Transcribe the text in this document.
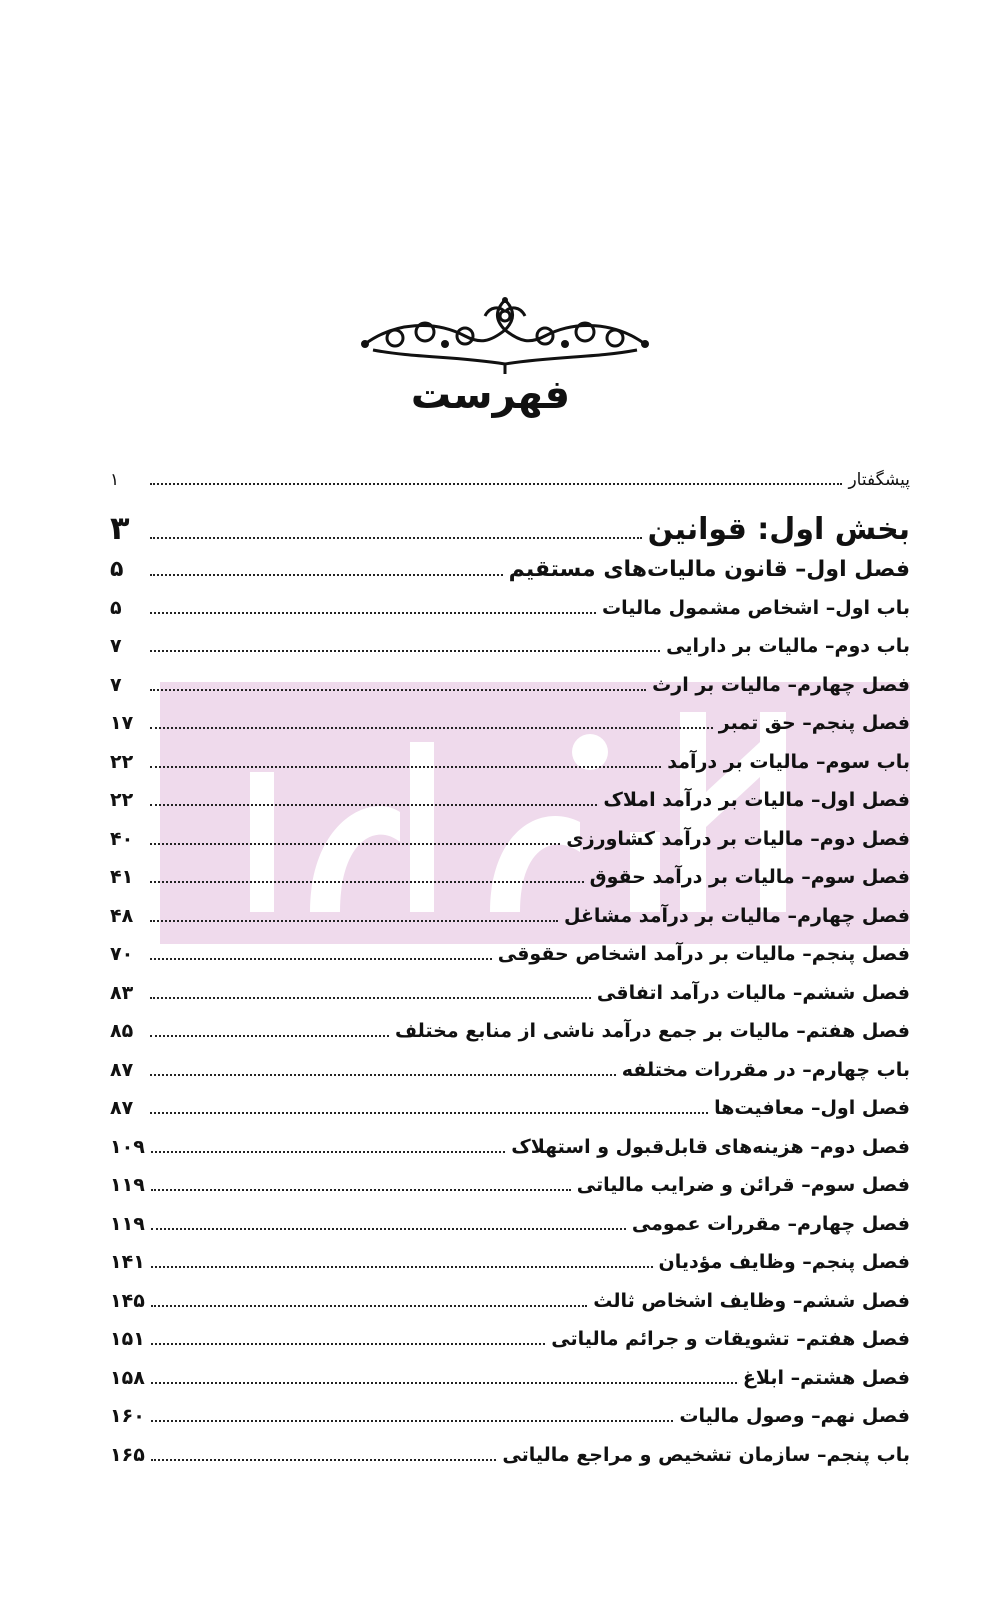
فهرست
پیشگفتار
۱
بخش اول: قوانین
۳
فصل اول– قانون مالیات‌های مستقیم
۵
باب اول– اشخاص مشمول مالیات
۵
باب دوم– مالیات بر دارایی
۷
فصل چهارم– مالیات بر ارث
۷
فصل پنجم– حق تمبر
۱۷
باب سوم– مالیات بر درآمد
۲۲
فصل اول– مالیات بر درآمد املاک
۲۲
فصل دوم– مالیات بر درآمد کشاورزی
۴۰
فصل سوم– مالیات بر درآمد حقوق
۴۱
فصل چهارم– مالیات بر درآمد مشاغل
۴۸
فصل پنجم– مالیات بر درآمد اشخاص حقوقی
۷۰
فصل ششم– مالیات درآمد اتفاقی
۸۳
فصل هفتم– مالیات بر جمع درآمد ناشی از منابع مختلف
۸۵
باب چهارم– در مقررات مختلفه
۸۷
فصل اول– معافیت‌ها
۸۷
فصل دوم– هزینه‌های قابل‌قبول و استهلاک
۱۰۹
فصل سوم– قرائن و ضرایب مالیاتی
۱۱۹
فصل چهارم– مقررات عمومی
۱۱۹
فصل پنجم– وظایف مؤدیان
۱۴۱
فصل ششم– وظایف اشخاص ثالث
۱۴۵
فصل هفتم– تشویقات و جرائم مالیاتی
۱۵۱
فصل هشتم– ابلاغ
۱۵۸
فصل نهم– وصول مالیات
۱۶۰
باب پنجم– سازمان تشخیص و مراجع مالیاتی
۱۶۵
